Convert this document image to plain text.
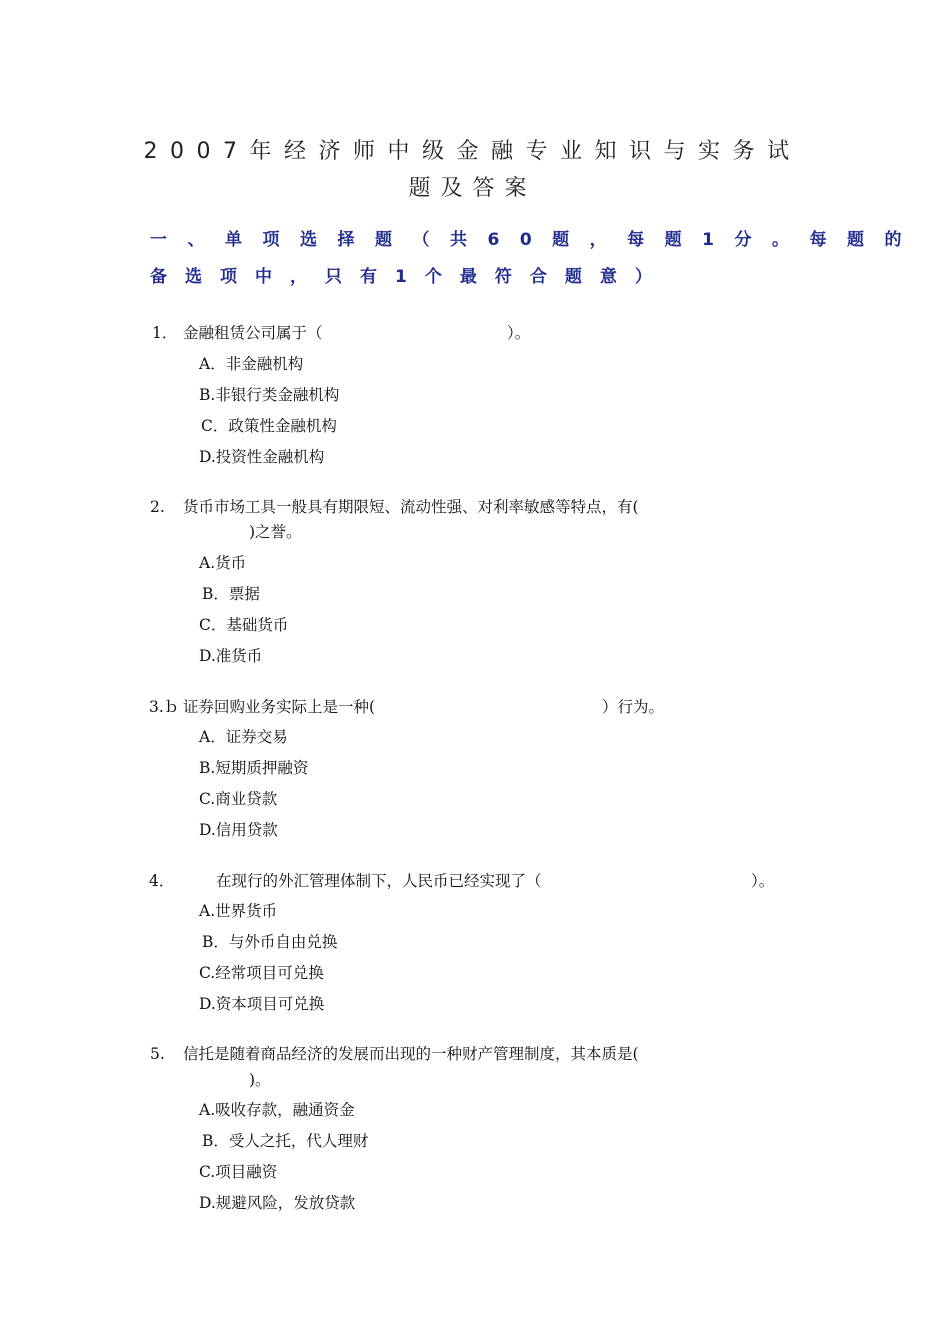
2007年经济师中级金融专业知识与实务试
题及答案
一、单项选择题（共60题，每题1分。每题的
备选项中，只有1个最符合题意）
1． 金融租赁公司属于（	）。
A．非金融机构
B.非银行类金融机构
C．政策性金融机构
D.投资性金融机构
2. 货币市场工具一般具有期限短、流动性强、对利率敏感等特点，有(
)之誉。
A.货币
B．票据
C．基础货币
D.准货币
3.ｂ 证券回购业务实际上是一种(	）行为。
A．证券交易
B.短期质押融资
C.商业贷款
D.信用贷款
4．	在现行的外汇管理体制下，人民币已经实现了（	）。
A.世界货币
B．与外币自由兑换
C.经常项目可兑换
D.资本项目可兑换
5. 信托是随着商品经济的发展而出现的一种财产管理制度，其本质是(
)。
A.吸收存款，融通资金
B．受人之托，代人理财
C.项目融资
D.规避风险，发放贷款
